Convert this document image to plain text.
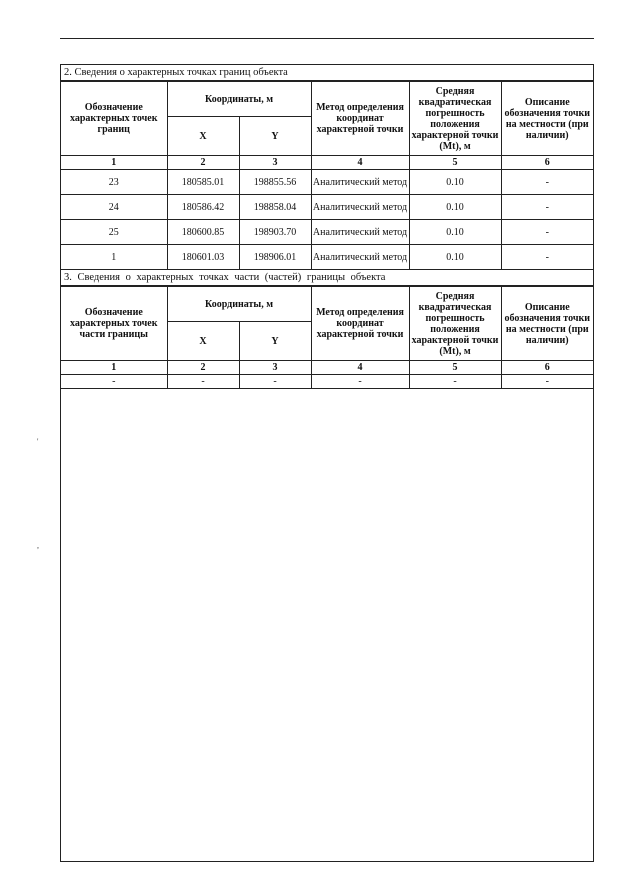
'
,
2. Сведения о характерных точках границ объекта
Обозначение характерных точек границ	Координаты, м		Метод определения координат характерной точки	Средняя квадратическая погрешность положения характерной точки (Mt), м	Описание обозначения точки на местности (при наличии)
	X	Y			
1	2	3	4	5	6
23	180585.01	198855.56	Аналитический метод	0.10	-
24	180586.42	198858.04	Аналитический метод	0.10	-
25	180600.85	198903.70	Аналитический метод	0.10	-
1	180601.03	198906.01	Аналитический метод	0.10	-
3. Сведения о характерных точках части (частей) границы объекта
Обозначение характерных точек части границы	Координаты, м		Метод определения координат характерной точки	Средняя квадратическая погрешность положения характерной точки (Mt), м	Описание обозначения точки на местности (при наличии)
	X	Y			
1	2	3	4	5	6
-	-	-	-	-	-
